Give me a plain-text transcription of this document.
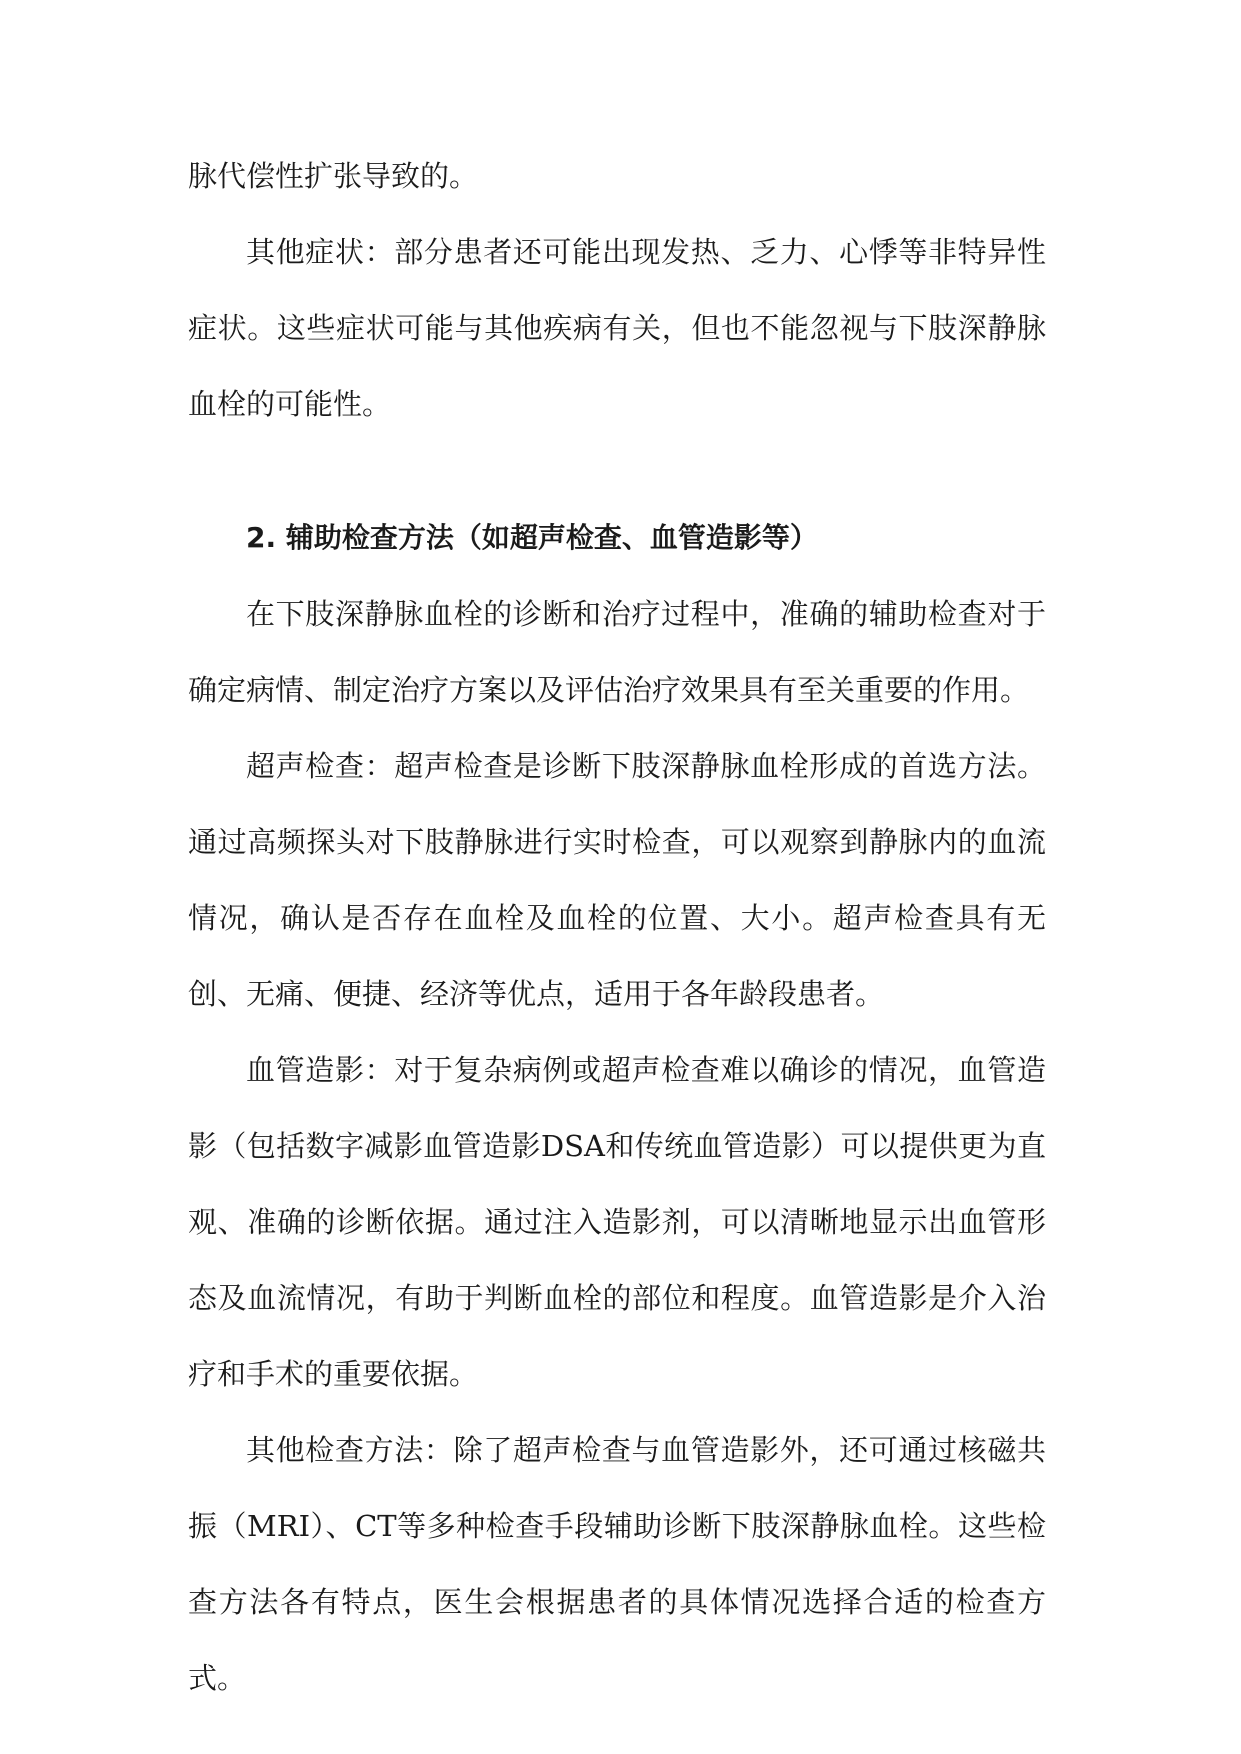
脉代偿性扩张导致的。

其他症状：部分患者还可能出现发热、乏力、心悸等非特异性症状。这些症状可能与其他疾病有关，但也不能忽视与下肢深静脉血栓的可能性。

2. 辅助检查方法（如超声检查、血管造影等）

在下肢深静脉血栓的诊断和治疗过程中，准确的辅助检查对于确定病情、制定治疗方案以及评估治疗效果具有至关重要的作用。

超声检查：超声检查是诊断下肢深静脉血栓形成的首选方法。通过高频探头对下肢静脉进行实时检查，可以观察到静脉内的血流情况，确认是否存在血栓及血栓的位置、大小。超声检查具有无创、无痛、便捷、经济等优点，适用于各年龄段患者。

血管造影：对于复杂病例或超声检查难以确诊的情况，血管造影（包括数字减影血管造影DSA和传统血管造影）可以提供更为直观、准确的诊断依据。通过注入造影剂，可以清晰地显示出血管形态及血流情况，有助于判断血栓的部位和程度。血管造影是介入治疗和手术的重要依据。

其他检查方法：除了超声检查与血管造影外，还可通过核磁共振（MRI）、CT等多种检查手段辅助诊断下肢深静脉血栓。这些检查方法各有特点，医生会根据患者的具体情况选择合适的检查方式。
